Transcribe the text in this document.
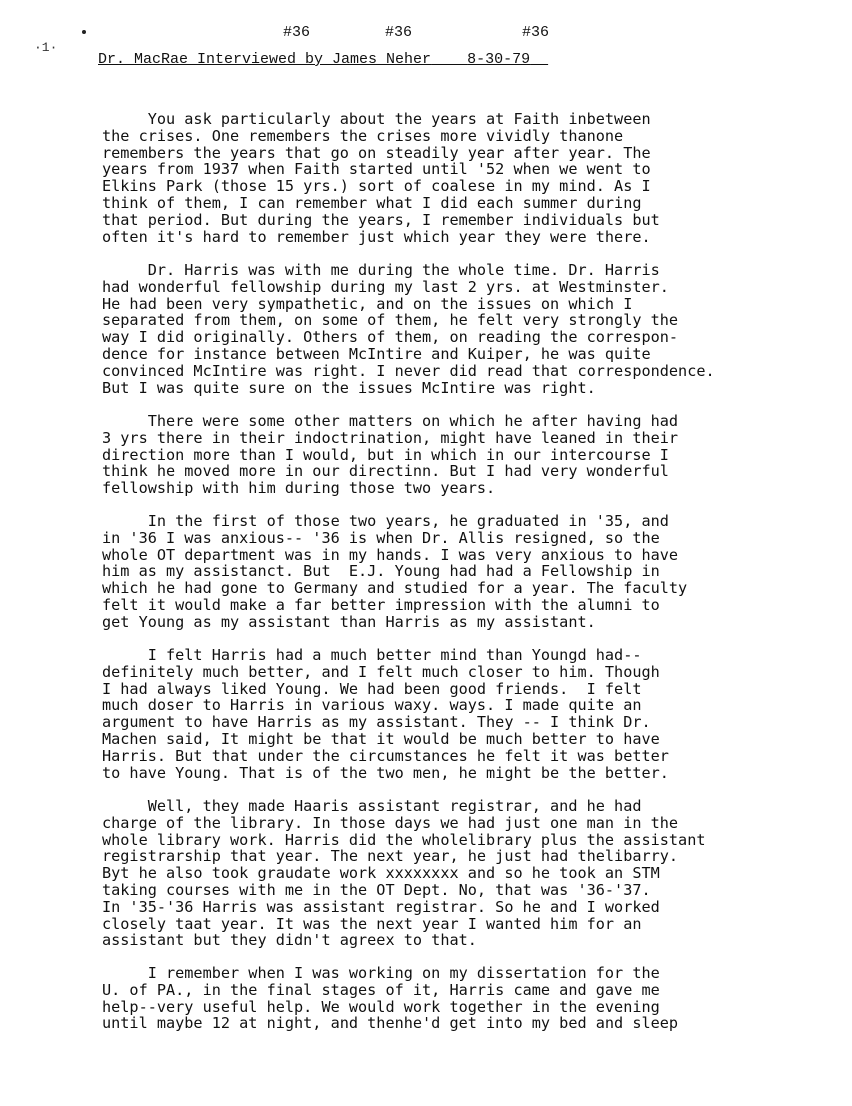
·1·
#36	#36	#36
Dr. MacRae Interviewed by James Neher 8-30-79
You ask particularly about the years at Faith inbetween
the crises. One remembers the crises more vividly thanone
remembers the years that go on steadily year after year. The
years from 1937 when Faith started until '52 when we went to
Elkins Park (those 15 yrs.) sort of coalese in my mind. As I
think of them, I can remember what I did each summer during
that period. But during the years, I remember individuals but
often it's hard to remember just which year they were there.
Dr. Harris was with me during the whole time. Dr. Harris
had wonderful fellowship during my last 2 yrs. at Westminster.
He had been very sympathetic, and on the issues on which I
separated from them, on some of them, he felt very strongly the
way I did originally. Others of them, on reading the correspon-
dence for instance between McIntire and Kuiper, he was quite
convinced McIntire was right. I never did read that correspondence.
But I was quite sure on the issues McIntire was right.
There were some other matters on which he after having had
3 yrs there in their indoctrination, might have leaned in their
direction more than I would, but in which in our intercourse I
think he moved more in our directinn. But I had very wonderful
fellowship with him during those two years.
In the first of those two years, he graduated in '35, and
in '36 I was anxious-- '36 is when Dr. Allis resigned, so the
whole OT department was in my hands. I was very anxious to have
him as my assistanct. But  E.J. Young had had a Fellowship in
which he had gone to Germany and studied for a year. The faculty
felt it would make a far better impression with the alumni to
get Young as my assistant than Harris as my assistant.
I felt Harris had a much better mind than Youngd had--
definitely much better, and I felt much closer to him. Though
I had always liked Young. We had been good friends.  I felt
much doser to Harris in various waxy. ways. I made quite an
argument to have Harris as my assistant. They -- I think Dr.
Machen said, It might be that it would be much better to have
Harris. But that under the circumstances he felt it was better
to have Young. That is of the two men, he might be the better.
Well, they made Haaris assistant registrar, and he had
charge of the library. In those days we had just one man in the
whole library work. Harris did the wholelibrary plus the assistant
registrarship that year. The next year, he just had thelibarry.
Byt he also took graudate work xxxxxxxx and so he took an STM
taking courses with me in the OT Dept. No, that was '36-'37.
In '35-'36 Harris was assistant registrar. So he and I worked
closely taat year. It was the next year I wanted him for an
assistant but they didn't agreex to that.
I remember when I was working on my dissertation for the
U. of PA., in the final stages of it, Harris came and gave me
help--very useful help. We would work together in the evening
until maybe 12 at night, and thenhe'd get into my bed and sleep
